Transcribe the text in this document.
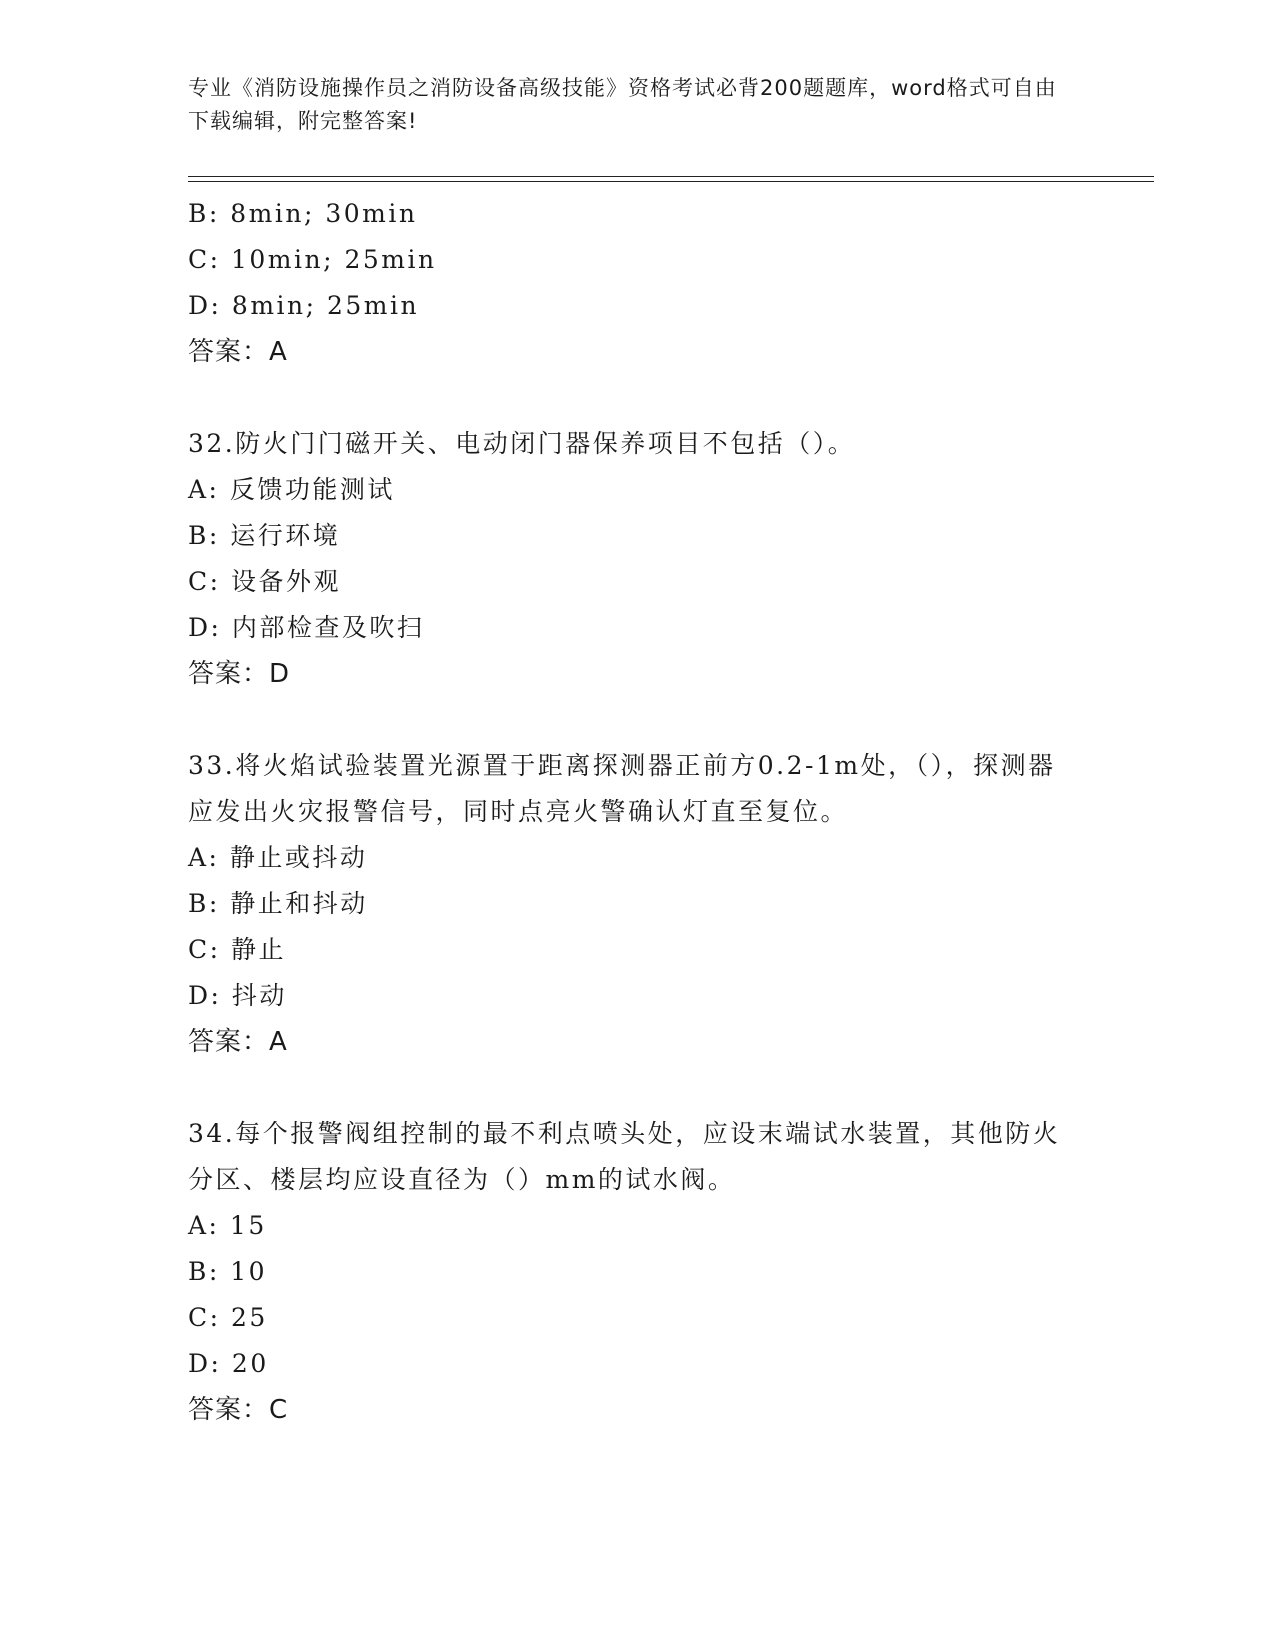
专业《消防设施操作员之消防设备高级技能》资格考试必背200题题库，word格式可自由下载编辑，附完整答案!
B: 8min; 30min
C: 10min; 25min
D: 8min; 25min
答案：A
32.防火门门磁开关、电动闭门器保养项目不包括（）。
A: 反馈功能测试
B: 运行环境
C: 设备外观
D: 内部检查及吹扫
答案：D
33.将火焰试验装置光源置于距离探测器正前方0.2-1m处，（），探测器应发出火灾报警信号，同时点亮火警确认灯直至复位。
A: 静止或抖动
B: 静止和抖动
C: 静止
D: 抖动
答案：A
34.每个报警阀组控制的最不利点喷头处，应设末端试水装置，其他防火分区、楼层均应设直径为（）mm的试水阀。
A: 15
B: 10
C: 25
D: 20
答案：C
